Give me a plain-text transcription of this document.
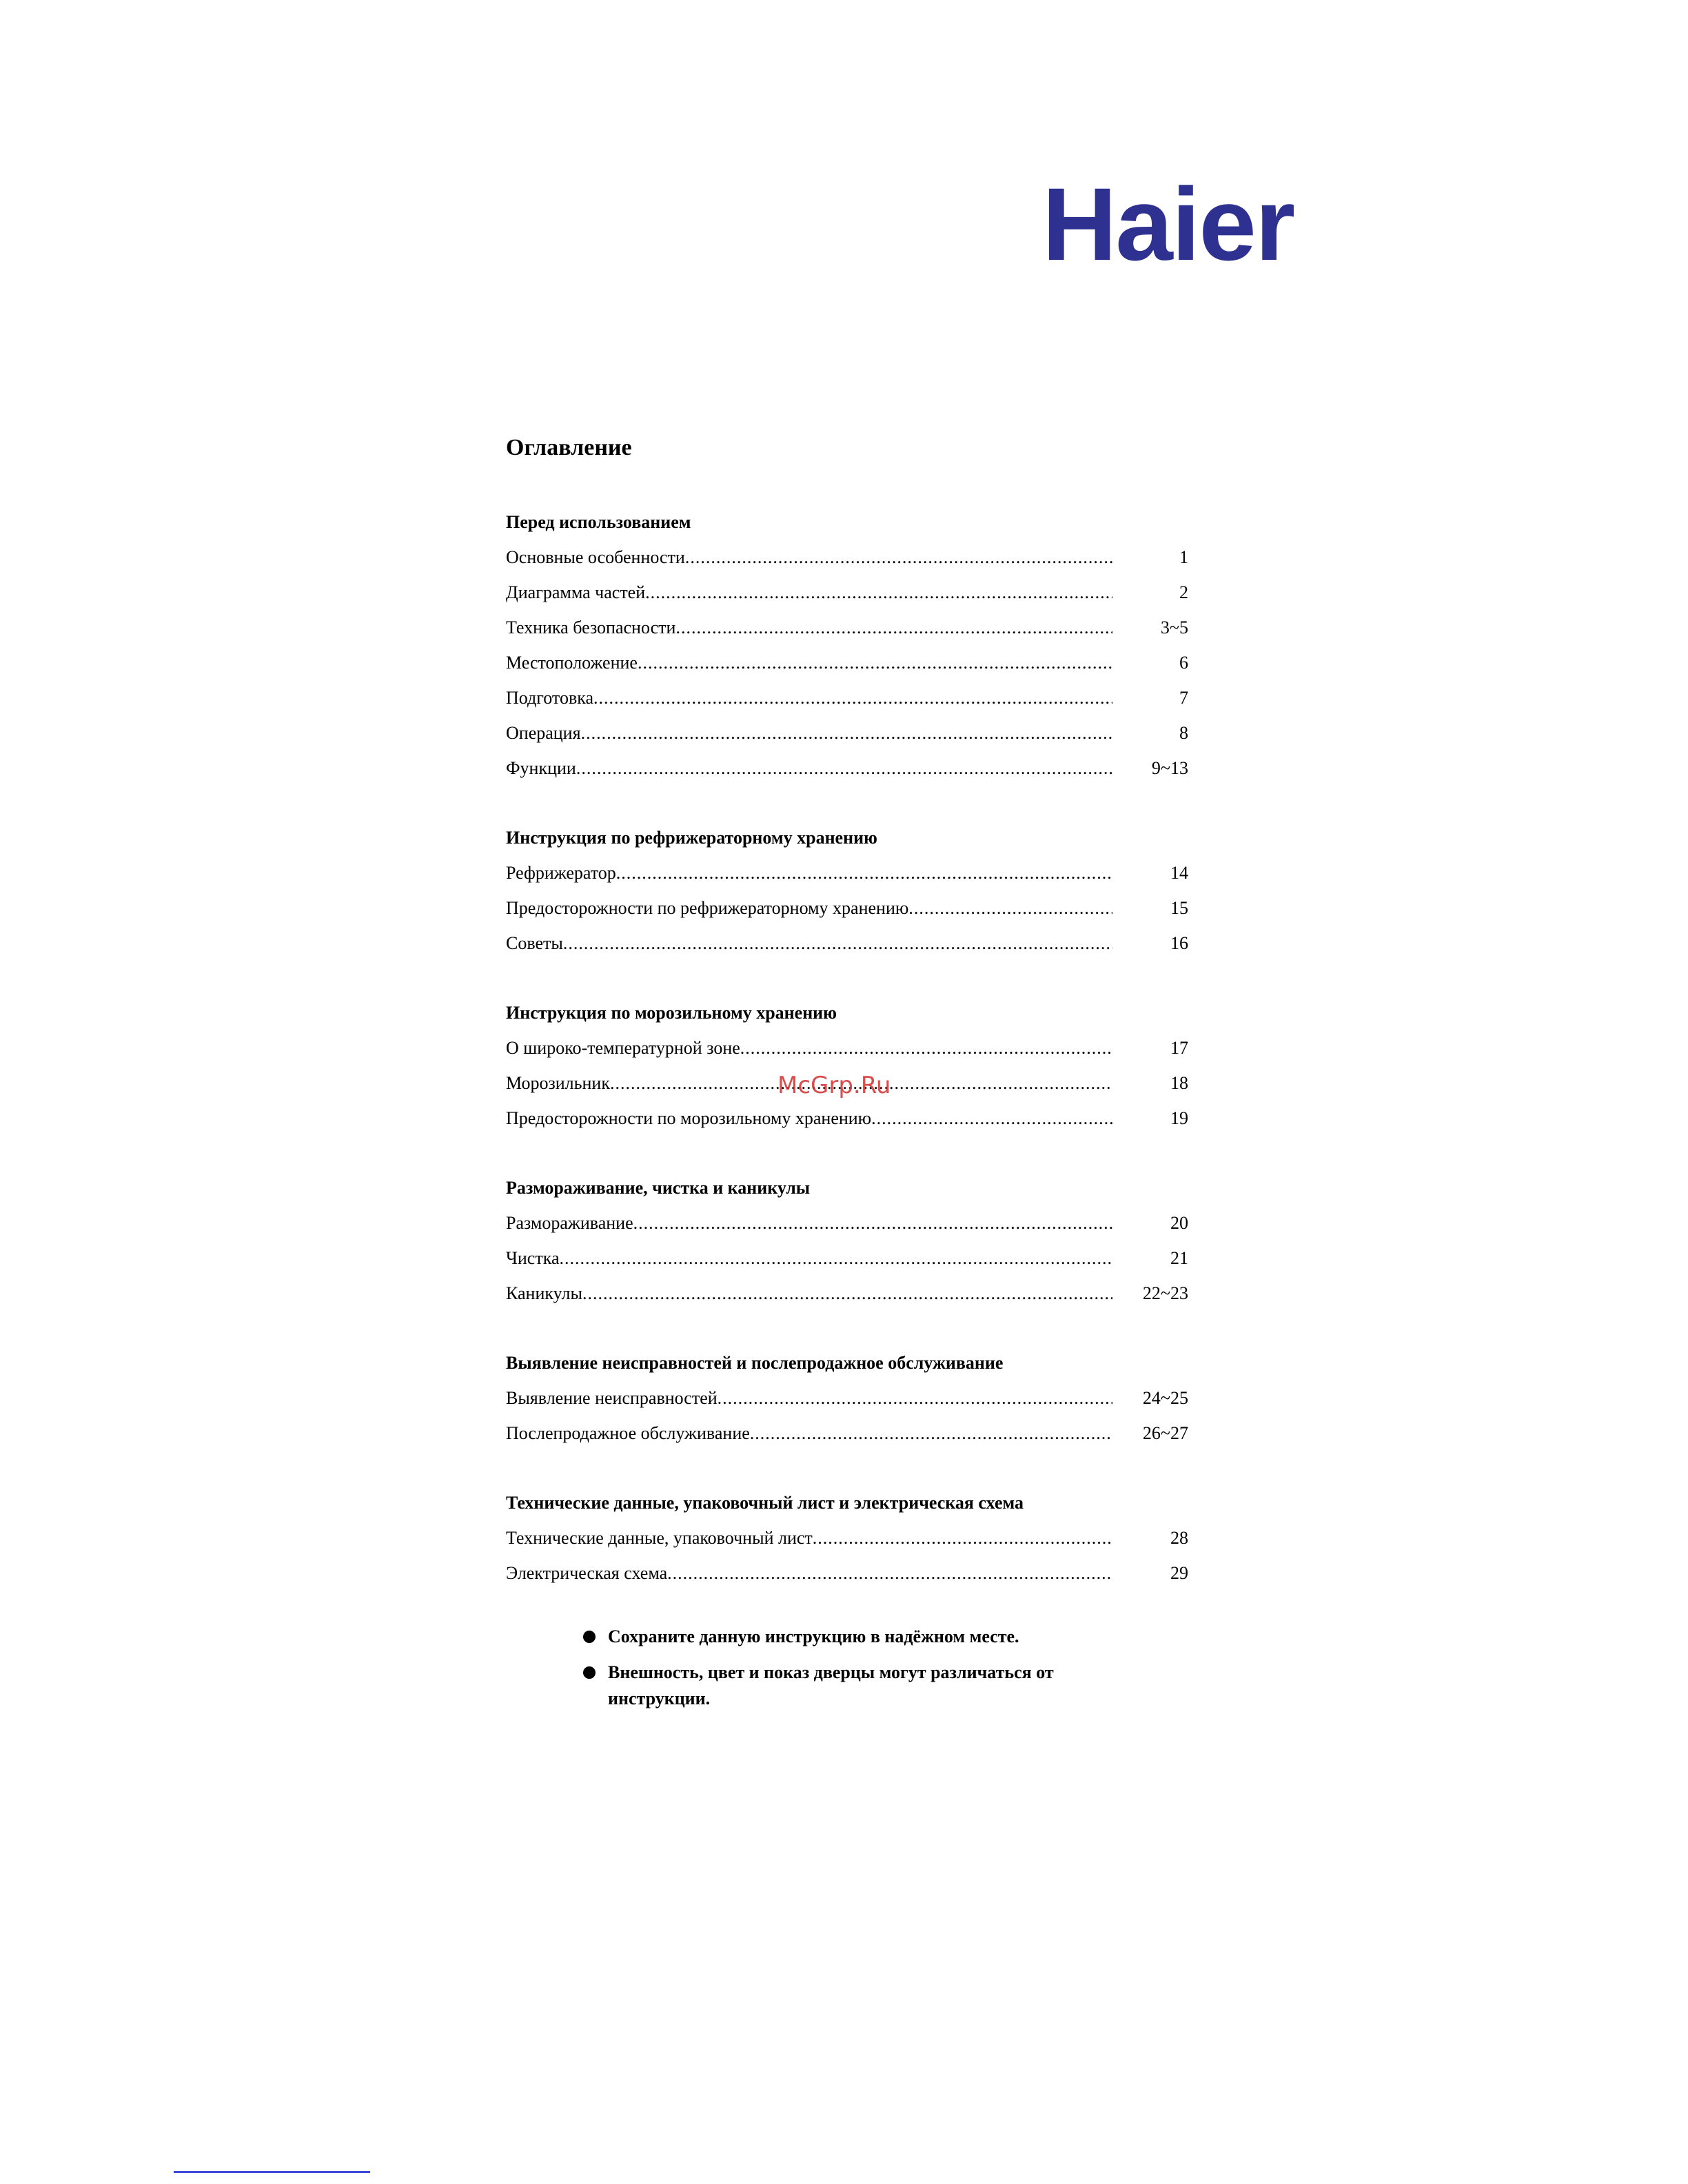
Haier
Оглавление
Перед использованием
Основные особенности .....	1
Диаграмма частей .....	2
Техника безопасности .....	3~5
Местоположение .....	6
Подготовка .....	7
Операция .....	8
Функции .....	9~13
Инструкция по рефрижераторному хранению
Рефрижератор .....	14
Предосторожности по рефрижераторному хранению .....	15
Советы .....	16
Инструкция по морозильному хранению
О широко-температурной зоне .....	17
Морозильник .....	18
Предосторожности по морозильному хранению .....	19
Размораживание, чистка и каникулы
Размораживание .....	20
Чистка .....	21
Каникулы .....	22~23
Выявление неисправностей и послепродажное обслуживание
Выявление неисправностей .....	24~25
Послепродажное обслуживание .....	26~27
Технические данные, упаковочный лист и электрическая схема
Технические данные, упаковочный лист .....	28
Электрическая схема .....	29
McGrp.Ru
Сохраните данную инструкцию в надёжном месте.
Внешность, цвет и показ дверцы могут различаться от инструкции.
